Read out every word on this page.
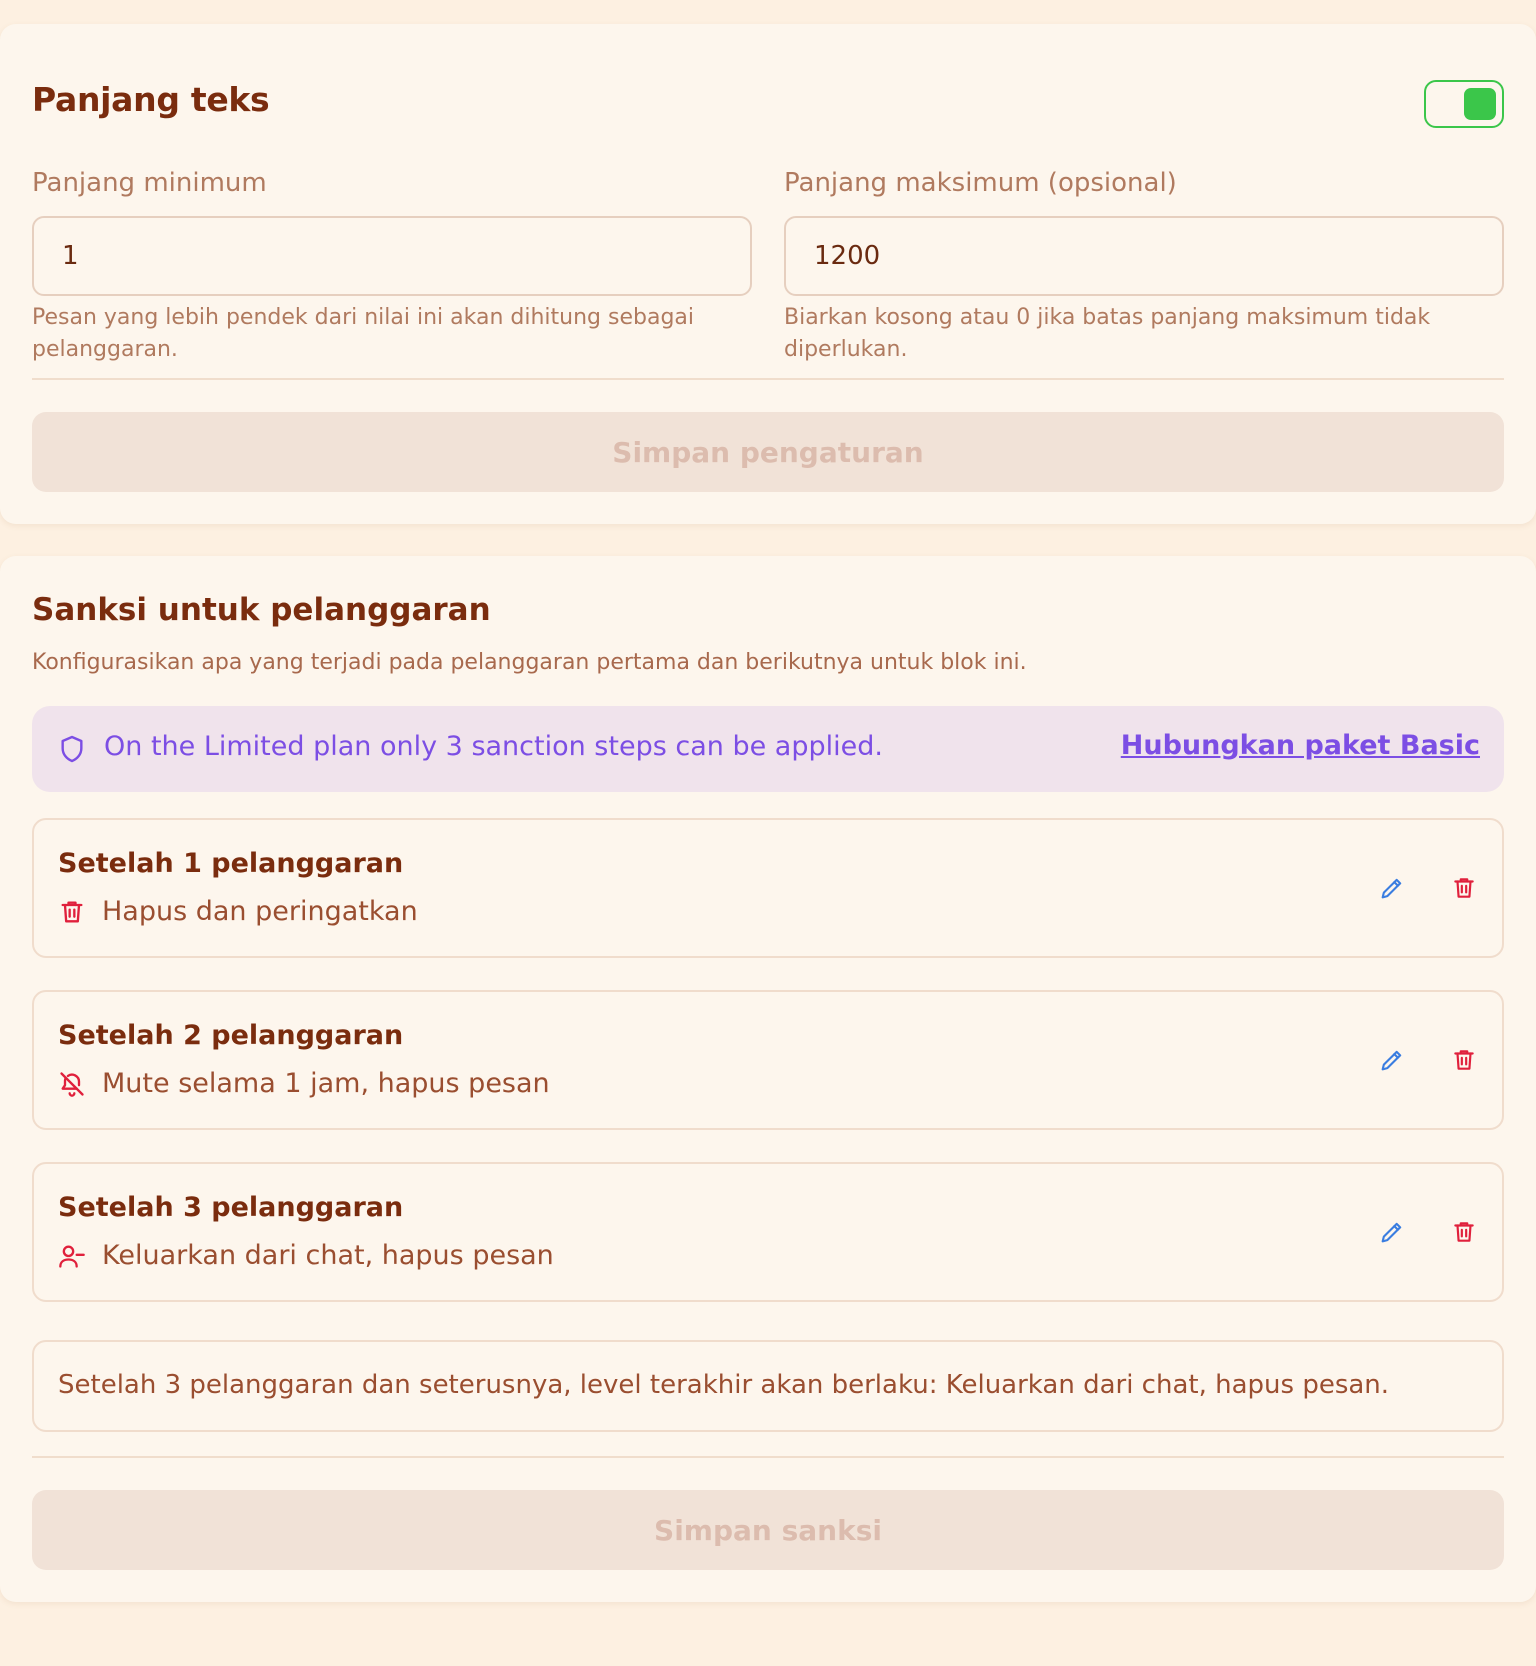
Panjang teks
Panjang minimum
1

Pesan yang lebih pendek dari nilai ini akan dihitung sebagai pelanggaran.

Panjang maksimum (opsional)
1200

Biarkan kosong atau 0 jika batas panjang maksimum tidak diperlukan.

Simpan pengaturan
Sanksi untuk pelanggaran

Konfigurasikan apa yang terjadi pada pelanggaran pertama dan berikutnya untuk blok ini.

On the Limited plan only 3 sanction steps can be applied.	Hubungkan paket Basic
Setelah 1 pelanggaran
Hapus dan peringatkan
Setelah 2 pelanggaran
Mute selama 1 jam, hapus pesan
Setelah 3 pelanggaran
Keluarkan dari chat, hapus pesan

Setelah 3 pelanggaran dan seterusnya, level terakhir akan berlaku: Keluarkan dari chat, hapus pesan.

Simpan sanksi
